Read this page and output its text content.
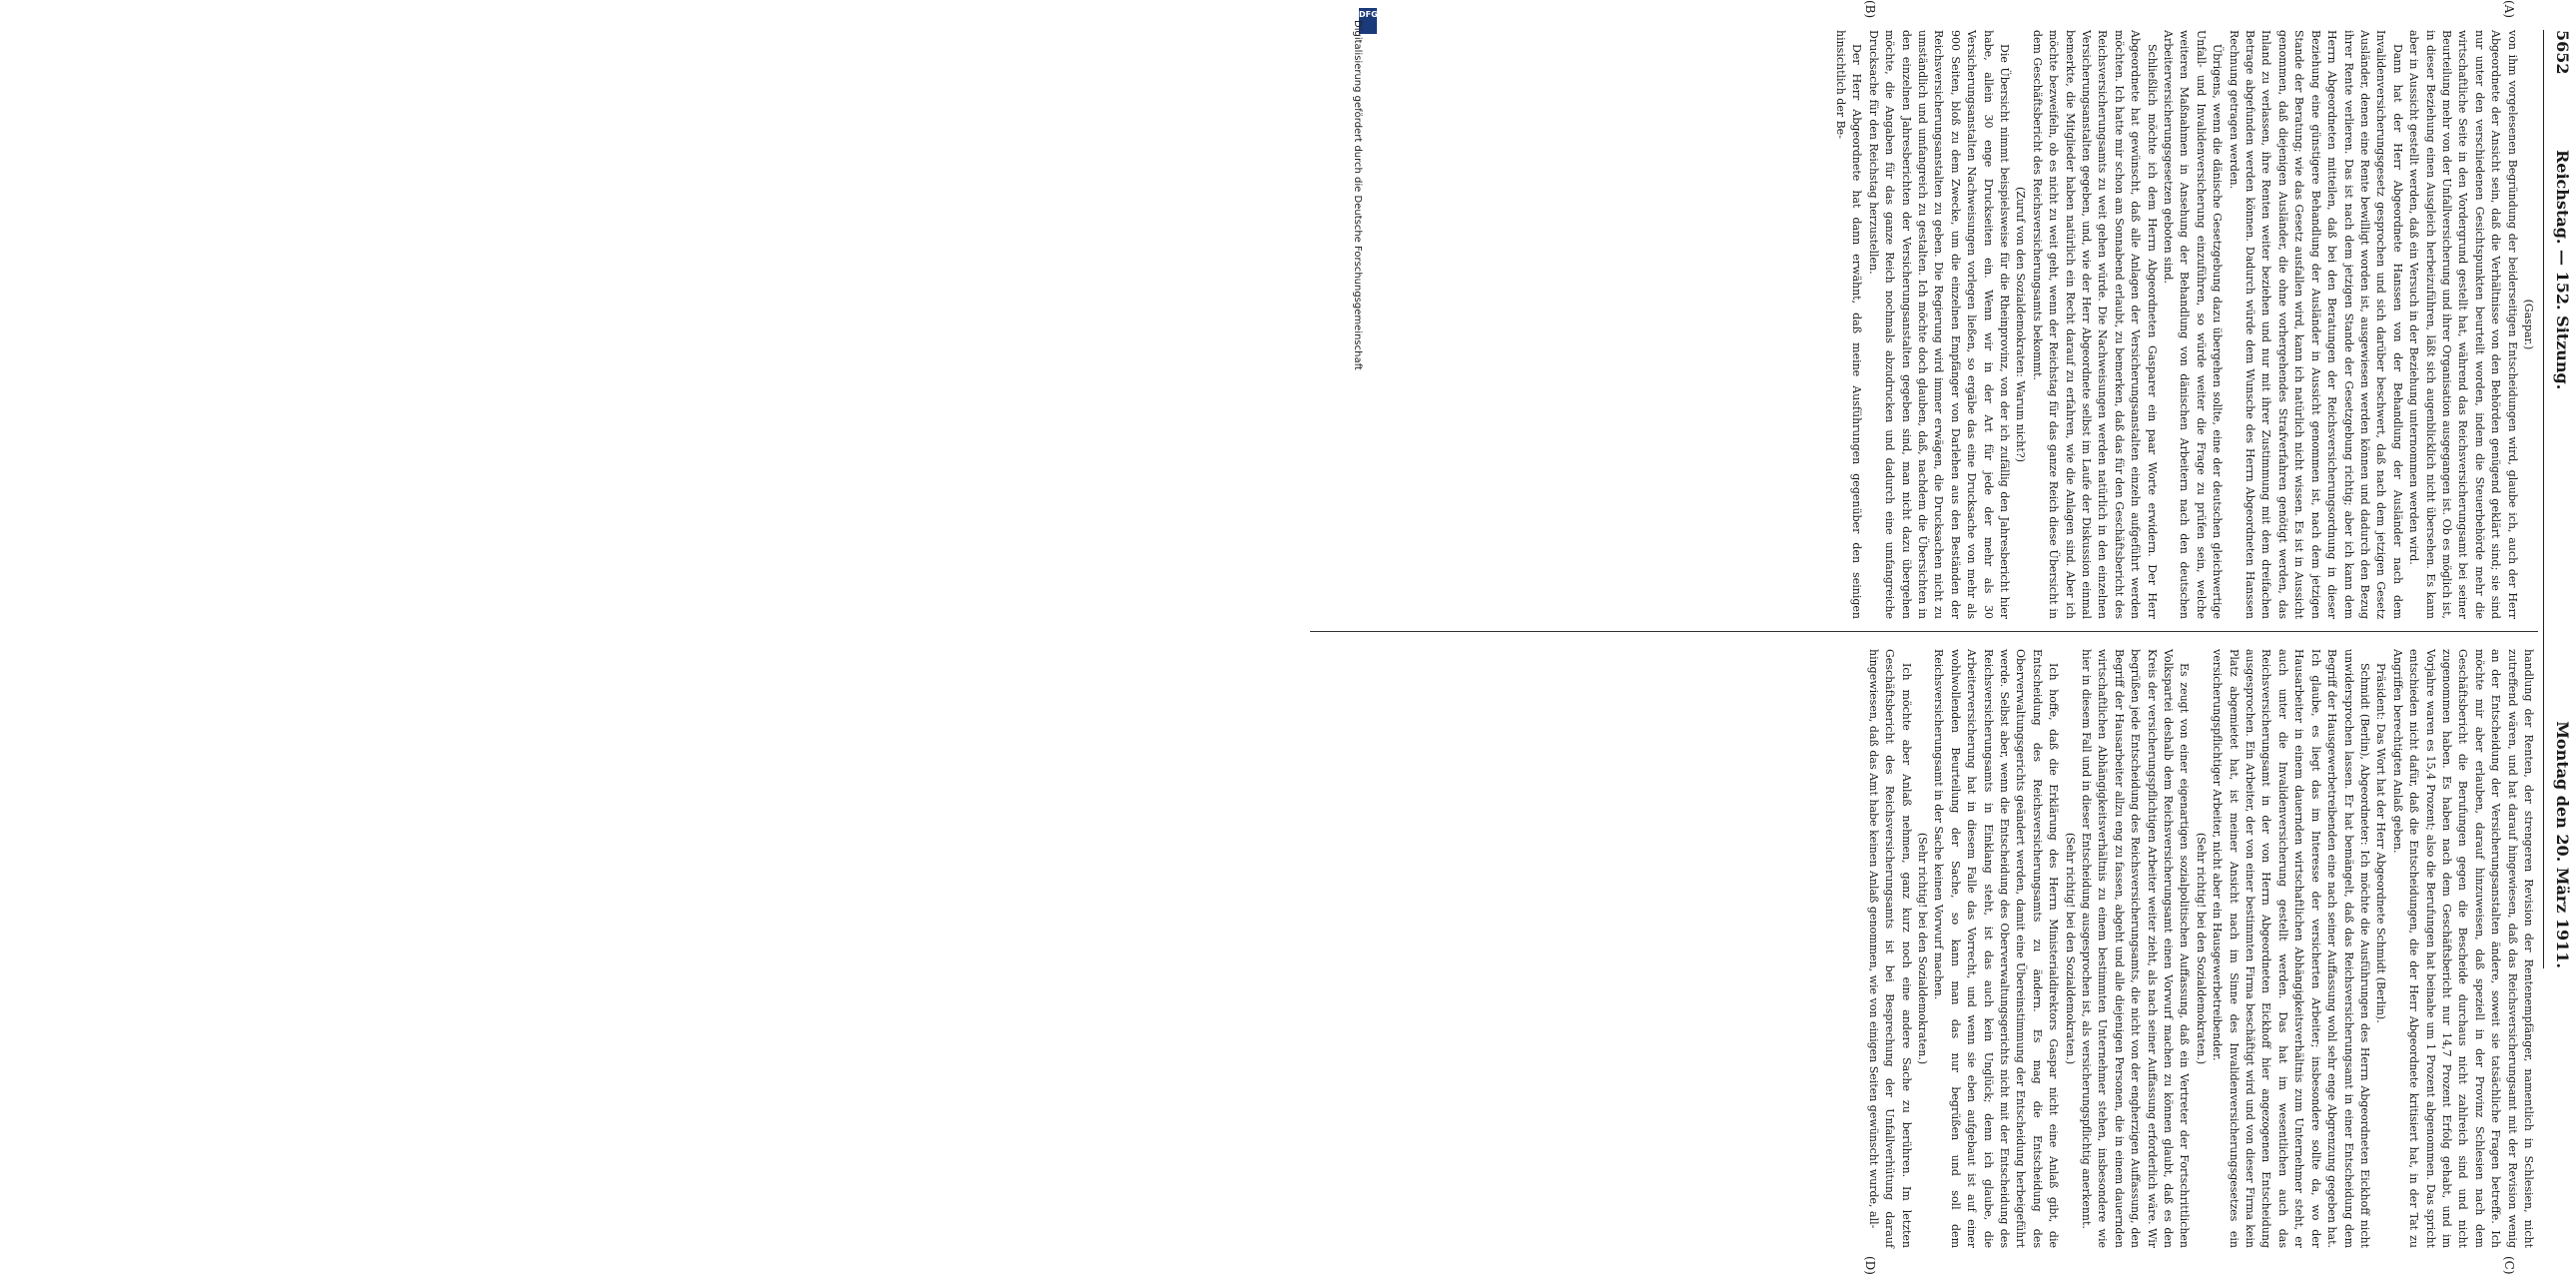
5652
Reichstag. — 152. Sitzung.
Montag den 20. März 1911.
(A)
(B)
(C)
(D)

(Gaspar.)

von ihm vorgelesenen Begründung der beiderseitigen Entscheidungen wird, glaube ich, auch der Herr Abgeordnete der Ansicht sein, daß die Verhältnisse von den Behörden genügend geklärt sind; sie sind nur unter den verschiedenen Gesichtspunkten beurteilt worden, indem die Steuerbehörde mehr die wirtschaftliche Seite in den Vordergrund gestellt hat, während das Reichsversicherungsamt bei seiner Beurteilung mehr von der Unfallversicherung und ihrer Organisation ausgegangen ist. Ob es möglich ist, in dieser Beziehung einen Ausgleich herbeizuführen, läßt sich augenblicklich nicht übersehen. Es kann aber in Aussicht gestellt werden, daß ein Versuch in der Beziehung unternommen werden wird.

Dann hat der Herr Abgeordnete Hanssen von der Behandlung der Ausländer nach dem Invalidenversicherungsgesetz gesprochen und sich darüber beschwert, daß nach dem jetzigen Gesetz Ausländer, denen eine Rente bewilligt worden ist, ausgewiesen werden können und dadurch den Bezug ihrer Rente verlieren. Das ist nach dem jetzigen Stande der Gesetzgebung richtig; aber ich kann dem Herrn Abgeordneten mitteilen, daß bei den Beratungen der Reichsversicherungsordnung in dieser Beziehung eine günstigere Behandlung der Ausländer in Aussicht genommen ist, nach dem jetzigen Stande der Beratung; wie das Gesetz ausfallen wird, kann ich natürlich nicht wissen. Es ist in Aussicht genommen, daß diejenigen Ausländer, die ohne vorhergehendes Strafverfahren genötigt werden, das Inland zu verlassen, ihre Renten weiter beziehen und nur mit ihrer Zustimmung mit dem dreifachen Betrage abgefunden werden können. Dadurch würde dem Wunsche des Herrn Abgeordneten Hanssen Rechnung getragen werden.

Übrigens, wenn die dänische Gesetzgebung dazu übergehen sollte, eine der deutschen gleichwertige Unfall- und Invalidenversicherung einzuführen, so würde weiter die Frage zu prüfen sein, welche weiteren Maßnahmen in Ansehung der Behandlung von dänischen Arbeitern nach den deutschen Arbeiterversicherungsgesetzen geboten sind.

Schließlich möchte ich dem Herrn Abgeordneten Gasparer ein paar Worte erwidern. Der Herr Abgeordnete hat gewünscht, daß alle Anlagen der Versicherungsanstalten einzeln aufgeführt werden möchten. Ich hatte mir schon am Sonnabend erlaubt, zu bemerken, daß das für den Geschäftsbericht des Reichsversicherungsamts zu weit gehen würde. Die Nachweisungen werden natürlich in den einzelnen Versicherungsanstalten gegeben, und, wie der Herr Abgeordnete selbst im Laufe der Diskussion einmal bemerkte, die Mitglieder haben natürlich ein Recht darauf zu erfahren, wie die Anlagen sind. Aber ich möchte bezweifeln, ob es nicht zu weit geht, wenn der Reichstag für das ganze Reich diese Übersicht in dem Geschäftsbericht des Reichsversicherungsamts bekommt.

(Zuruf von den Sozialdemokraten: Warum nicht?)

Die Übersicht nimmt beispielsweise für die Rheinprovinz, von der ich zufällig den Jahresbericht hier habe, allein 30 enge Druckseiten ein. Wenn wir in der Art für jede der mehr als 30 Versicherungsanstalten Nachweisungen vorlegen ließen, so ergäbe das eine Drucksache von mehr als 900 Seiten, bloß zu dem Zwecke, um die einzelnen Empfänger von Darlehen aus den Beständen der Reichsversicherungsanstalten zu geben. Die Regierung wird immer erwägen, die Drucksachen nicht zu umständlich und umfangreich zu gestalten. Ich möchte doch glauben, daß, nachdem die Übersichten in den einzelnen Jahresberichten der Versicherungsanstalten gegeben sind, man nicht dazu übergehen möchte, die Angaben für das ganze Reich nochmals abzudrucken und dadurch eine umfangreiche Drucksache für den Reichstag herzustellen.

Der Herr Abgeordnete hat dann erwähnt, daß meine Ausführungen gegenüber den seinigen hinsichtlich der Be-

handlung der Renten, der strengeren Revision der Rentenempfänger, namentlich in Schlesien, nicht zutreffend wären, und hat darauf hingewiesen, daß das Reichsversicherungsamt mit der Revision wenig an der Entscheidung der Versicherungsanstalten ändere, soweit sie tatsächliche Fragen betreffe. Ich möchte mir aber erlauben, darauf hinzuweisen, daß speziell in der Provinz Schlesien nach dem Geschäftsbericht die Berufungen gegen die Bescheide durchaus nicht zahlreich sind und nicht zugenommen haben. Es haben nach dem Geschäftsbericht nur 14,7 Prozent Erfolg gehabt, und im Vorjahre waren es 15,4 Prozent; also die Berufungen hat beinahe um 1 Prozent abgenommen. Das spricht entschieden nicht dafür, daß die Entscheidungen, die der Herr Abgeordnete kritisiert hat, in der Tat zu Angriffen berechtigten Anlaß geben.

Präsident: Das Wort hat der Herr Abgeordnete Schmidt (Berlin).

Schmidt (Berlin), Abgeordneter: Ich möchte die Ausführungen des Herrn Abgeordneten Eickhoff nicht unwidersprochen lassen. Er hat bemängelt, daß das Reichsversicherungsamt in einer Entscheidung dem Begriff der Hausgewerbetreibenden eine nach seiner Auffassung wohl sehr enge Abgrenzung gegeben hat. Ich glaube, es liegt das im Interesse der versicherten Arbeiter; insbesondere sollte da, wo der Hausarbeiter in einem dauernden wirtschaftlichen Abhängigkeitsverhältnis zum Unternehmer steht, er auch unter die Invalidenversicherung gestellt werden. Das hat im wesentlichen auch das Reichsversicherungsamt in der von Herrn Abgeordneten Eickhoff hier angezogenen Entscheidung ausgesprochen. Ein Arbeiter, der von einer bestimmten Firma beschäftigt wird und von dieser Firma kein Platz abgemietet hat, ist meiner Ansicht nach im Sinne des Invalidenversicherungsgesetzes ein versicherungspflichtiger Arbeiter, nicht aber ein Hausgewerbetreibender.

(Sehr richtig! bei den Sozialdemokraten.)

Es zeugt von einer eigenartigen sozialpolitischen Auffassung, daß ein Vertreter der Fortschrittlichen Volkspartei deshalb dem Reichsversicherungsamt einen Vorwurf machen zu können glaubt, daß es den Kreis der versicherungspflichtigen Arbeiter weiter zieht, als nach seiner Auffassung erforderlich wäre. Wir begrüßen jede Entscheidung des Reichsversicherungsamts, die nicht von der engherzigen Auffassung, den Begriff der Hausarbeiter allzu eng zu fassen, abgeht und alle diejenigen Personen, die in einem dauernden wirtschaftlichen Abhängigkeitsverhältnis zu einem bestimmten Unternehmer stehen, insbesondere wie hier in diesem Fall und in dieser Entscheidung ausgesprochen ist, als versicherungspflichtig anerkennt.

(Sehr richtig! bei den Sozialdemokraten.)

Ich hoffe, daß die Erklärung des Herrn Ministerialdirektors Gaspar nicht eine Anlaß gibt, die Entscheidung des Reichsversicherungsamts zu ändern. Es mag die Entscheidung des Oberverwaltungsgerichts geändert werden, damit eine Übereinstimmung der Entscheidung herbeigeführt werde. Selbst aber, wenn die Entscheidung des Oberverwaltungsgerichts nicht mit der Entscheidung des Reichsversicherungsamts in Einklang steht, ist das auch kein Unglück; denn ich glaube, die Arbeiterversicherung hat in diesem Falle das Vorrecht, und wenn sie eben aufgebaut ist auf einer wohlwollenden Beurteilung der Sache, so kann man das nur begrüßen und soll dem Reichsversicherungsamt in der Sache keinen Vorwurf machen.

(Sehr richtig! bei den Sozialdemokraten.)

Ich möchte aber Anlaß nehmen, ganz kurz noch eine andere Sache zu berühren. Im letzten Geschäftsbericht des Reichsversicherungsamts ist bei Besprechung der Unfallverhütung darauf hingewiesen, daß das Amt habe keinen Anlaß genommen, wie von einigen Seiten gewünscht wurde, all-

DFG
Digitalisierung gefördert durch die Deutsche Forschungsgemeinschaft
